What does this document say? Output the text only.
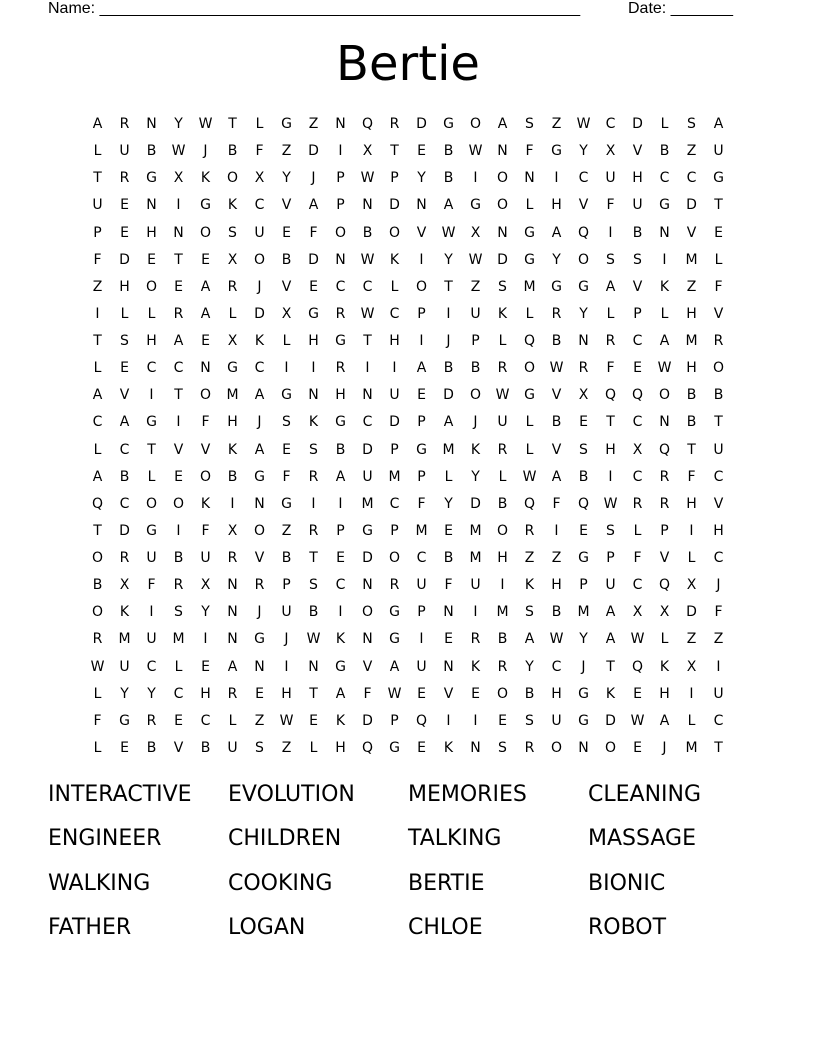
Name: ______________________________________________________	Date: _______
Bertie
A	R	N	Y	W	T	L	G	Z	N	Q	R	D	G	O	A	S	Z	W	C	D	L	S	A
L	U	B	W	J	B	F	Z	D	I	X	T	E	B	W	N	F	G	Y	X	V	B	Z	U
T	R	G	X	K	O	X	Y	J	P	W	P	Y	B	I	O	N	I	C	U	H	C	C	G
U	E	N	I	G	K	C	V	A	P	N	D	N	A	G	O	L	H	V	F	U	G	D	T
P	E	H	N	O	S	U	E	F	O	B	O	V	W	X	N	G	A	Q	I	B	N	V	E
F	D	E	T	E	X	O	B	D	N	W	K	I	Y	W	D	G	Y	O	S	S	I	M	L
Z	H	O	E	A	R	J	V	E	C	C	L	O	T	Z	S	M	G	G	A	V	K	Z	F
I	L	L	R	A	L	D	X	G	R	W	C	P	I	U	K	L	R	Y	L	P	L	H	V
T	S	H	A	E	X	K	L	H	G	T	H	I	J	P	L	Q	B	N	R	C	A	M	R
L	E	C	C	N	G	C	I	I	R	I	I	A	B	B	R	O	W	R	F	E	W	H	O
A	V	I	T	O	M	A	G	N	H	N	U	E	D	O	W	G	V	X	Q	Q	O	B	B
C	A	G	I	F	H	J	S	K	G	C	D	P	A	J	U	L	B	E	T	C	N	B	T
L	C	T	V	V	K	A	E	S	B	D	P	G	M	K	R	L	V	S	H	X	Q	T	U
A	B	L	E	O	B	G	F	R	A	U	M	P	L	Y	L	W	A	B	I	C	R	F	C
Q	C	O	O	K	I	N	G	I	I	M	C	F	Y	D	B	Q	F	Q	W	R	R	H	V
T	D	G	I	F	X	O	Z	R	P	G	P	M	E	M	O	R	I	E	S	L	P	I	H
O	R	U	B	U	R	V	B	T	E	D	O	C	B	M	H	Z	Z	G	P	F	V	L	C
B	X	F	R	X	N	R	P	S	C	N	R	U	F	U	I	K	H	P	U	C	Q	X	J
O	K	I	S	Y	N	J	U	B	I	O	G	P	N	I	M	S	B	M	A	X	X	D	F
R	M	U	M	I	N	G	J	W	K	N	G	I	E	R	B	A	W	Y	A	W	L	Z	Z
W	U	C	L	E	A	N	I	N	G	V	A	U	N	K	R	Y	C	J	T	Q	K	X	I
L	Y	Y	C	H	R	E	H	T	A	F	W	E	V	E	O	B	H	G	K	E	H	I	U
F	G	R	E	C	L	Z	W	E	K	D	P	Q	I	I	E	S	U	G	D	W	A	L	C
L	E	B	V	B	U	S	Z	L	H	Q	G	E	K	N	S	R	O	N	O	E	J	M	T
INTERACTIVE	EVOLUTION	MEMORIES	CLEANING
ENGINEER	CHILDREN	TALKING	MASSAGE
WALKING	COOKING	BERTIE	BIONIC
FATHER	LOGAN	CHLOE	ROBOT
